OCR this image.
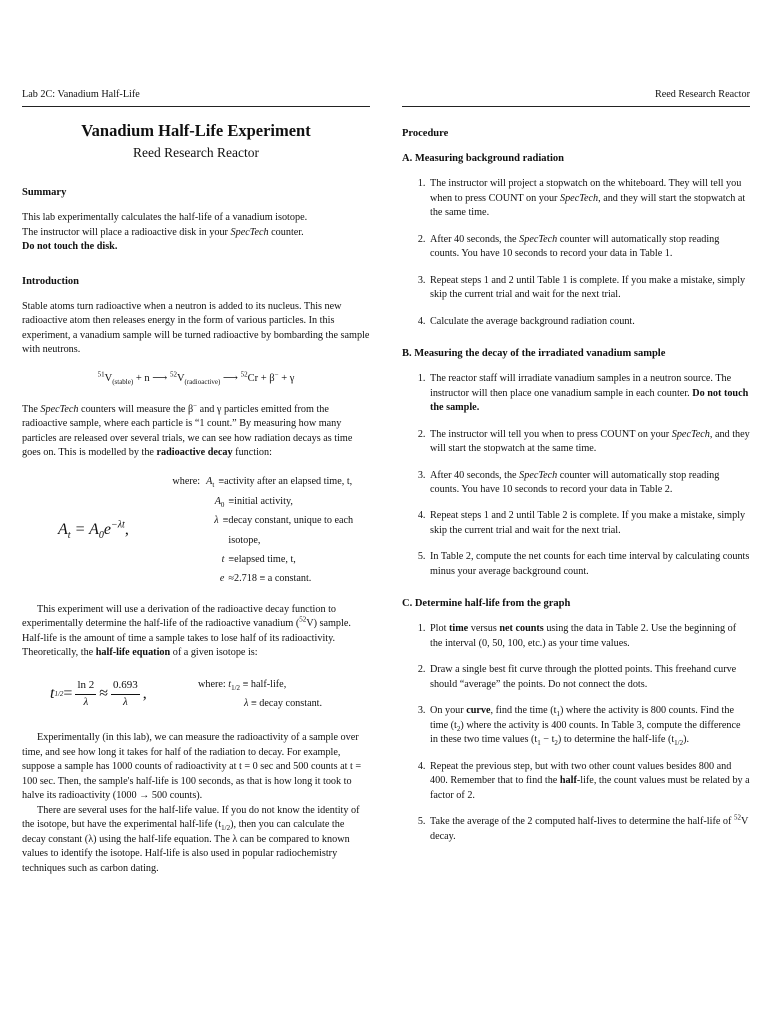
Lab 2C: Vanadium Half-Life
Vanadium Half-Life Experiment
Reed Research Reactor
Summary

This lab experimentally calculates the half-life of a vanadium isotope.
The instructor will place a radioactive disk in your SpecTech counter.
Do not touch the disk.

Introduction

Stable atoms turn radioactive when a neutron is added to its nucleus. This new radioactive atom then releases energy in the form of various particles. In this experiment, a vanadium sample will be turned radioactive by bombarding the sample with neutrons.

$^{51}V_{(stable)} + n$ ⟶ $^{52}V_{(radioactive)}$ ⟶ $^{52}$Cr + β− + γ

The SpecTech counters will measure the β− and γ particles emitted from the radioactive sample, where each particle is “1 count.” By measuring how many particles are released over several trials, we can see how radiation decays as time goes on. This is modelled by the radioactive decay function:

$A_t = A_0e^{-\lambda t}$,
where: $A_t$ ≡ activity after an elapsed time, t,
$A_0$ ≡ initial activity,
λ ≡ decay constant, unique to each isotope,
t ≡ elapsed time, t,
e ≈ 2.718 ≡ a constant.

This experiment will use a derivation of the radioactive decay function to experimentally determine the half-life of the radioactive vanadium ($^{52}$V) sample. Half-life is the amount of time a sample takes to lose half of its radioactivity. Theoretically, the half-life equation of a given isotope is:

t $1/2 = \frac{\ln 2}{\lambda} \approx \frac{0.693}{\lambda}$ ,
where: $t_{1/2}$ ≡ half-life,
λ ≡ decay constant.

Experimentally (in this lab), we can measure the radioactivity of a sample over time, and see how long it takes for half of the radiation to decay. For example, suppose a sample has 1000 counts of radioactivity at t = 0 sec and 500 counts at t = 100 sec. Then, the sample's half-life is 100 seconds, as that is how long it took to halve its radioactivity (1000 → 500 counts).

There are several uses for the half-life value. If you do not know the identity of the isotope, but have the experimental half-life $(t_{1/2})$, then you can calculate the decay constant (λ) using the half-life equation. The λ can be compared to known values to identify the isotope. Half-life is also used in popular radiochemistry techniques such as carbon dating.

Reed Research Reactor
Procedure
A. Measuring background radiation
1. The instructor will project a stopwatch on the whiteboard. They will tell you when to press COUNT on your SpecTech, and they will start the stopwatch at the same time.
2. After 40 seconds, the SpecTech counter will automatically stop reading counts. You have 10 seconds to record your data in Table 1.
3. Repeat steps 1 and 2 until Table 1 is complete. If you make a mistake, simply skip the current trial and wait for the next trial.
4. Calculate the average background radiation count.
B. Measuring the decay of the irradiated vanadium sample
1. The reactor staff will irradiate vanadium samples in a neutron source. The instructor will then place one vanadium sample in each counter. Do not touch the sample.
2. The instructor will tell you when to press COUNT on your SpecTech, and they will start the stopwatch at the same time.
3. After 40 seconds, the SpecTech counter will automatically stop reading counts. You have 10 seconds to record your data in Table 2.
4. Repeat steps 1 and 2 until Table 2 is complete. If you make a mistake, simply skip the current trial and wait for the next trial.
5. In Table 2, compute the net counts for each time interval by calculating counts minus your average background count.
C. Determine half-life from the graph
1. Plot time versus net counts using the data in Table 2. Use the beginning of the interval (0, 50, 100, etc.) as your time values.
2. Draw a single best fit curve through the plotted points. This freehand curve should “average” the points. Do not connect the dots.
3. On your curve, find the time $(t_1)$ where the activity is 800 counts. Find the time $(t_2)$ where the activity is 400 counts. In Table 3, compute the difference in these two time values $(t_1 - t_2)$ to determine the half-life $(t_{1/2})$.
4. Repeat the previous step, but with two other count values besides 800 and 400. Remember that to find the half-life, the count values must be related by a factor of 2.
5. Take the average of the 2 computed half-lives to determine the half-life of $^{52}$V decay.
